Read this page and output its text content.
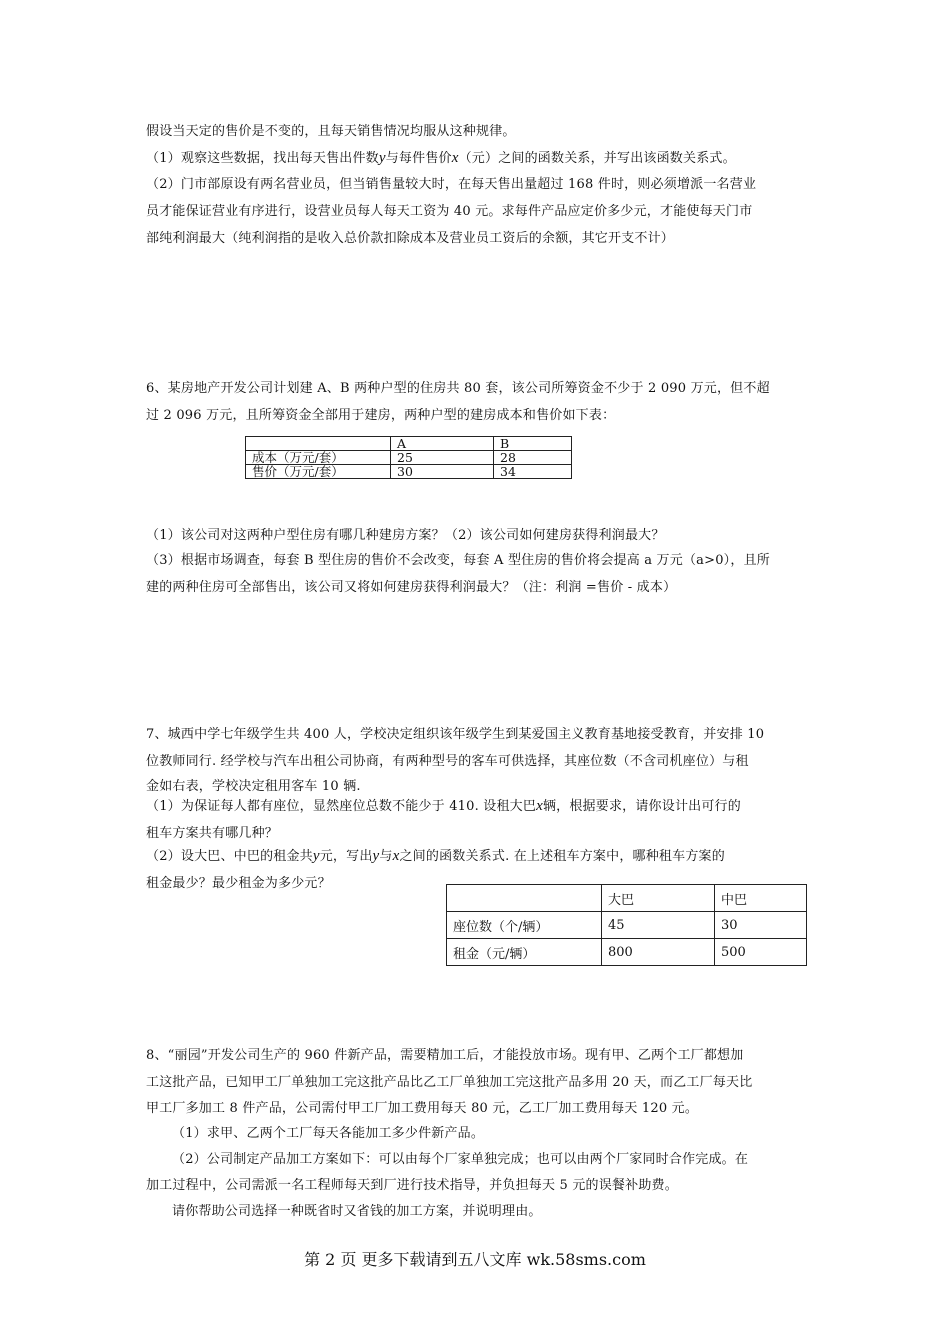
假设当天定的售价是不变的，且每天销售情况均服从这种规律。
（1）观察这些数据，找出每天售出件数y与每件售价x（元）之间的函数关系，并写出该函数关系式。
（2）门市部原设有两名营业员，但当销售量较大时，在每天售出量超过 168 件时，则必须增派一名营业
员才能保证营业有序进行，设营业员每人每天工资为 40 元。求每件产品应定价多少元，才能使每天门市
部纯利润最大（纯利润指的是收入总价款扣除成本及营业员工资后的余额，其它开支不计）
6、某房地产开发公司计划建 A、B 两种户型的住房共 80 套，该公司所筹资金不少于 2 090 万元，但不超
过 2 096 万元，且所筹资金全部用于建房，两种户型的建房成本和售价如下表：
	A	B
成本（万元/套）	25	28
售价（万元/套）	30	34
（1）该公司对这两种户型住房有哪几种建房方案？（2）该公司如何建房获得利润最大？
（3）根据市场调查，每套 B 型住房的售价不会改变，每套 A 型住房的售价将会提高 a 万元（a>0），且所
建的两种住房可全部售出，该公司又将如何建房获得利润最大？（注：利润 =售价 - 成本）
7、城西中学七年级学生共 400 人，学校决定组织该年级学生到某爱国主义教育基地接受教育，并安排 10
位教师同行. 经学校与汽车出租公司协商，有两种型号的客车可供选择，其座位数（不含司机座位）与租
金如右表，学校决定租用客车 10 辆.
（1）为保证每人都有座位，显然座位总数不能少于 410. 设租大巴x辆，根据要求，请你设计出可行的
租车方案共有哪几种？
（2）设大巴、中巴的租金共y元，写出y与x之间的函数关系式. 在上述租车方案中，哪种租车方案的
租金最少？最少租金为多少元？
	大巴	中巴
座位数（个/辆）	45	30
租金（元/辆）	800	500
8、“丽园”开发公司生产的 960 件新产品，需要精加工后，才能投放市场。现有甲、乙两个工厂都想加
工这批产品，已知甲工厂单独加工完这批产品比乙工厂单独加工完这批产品多用 20 天，而乙工厂每天比
甲工厂多加工 8 件产品，公司需付甲工厂加工费用每天 80 元，乙工厂加工费用每天 120 元。
（1）求甲、乙两个工厂每天各能加工多少件新产品。
（2）公司制定产品加工方案如下：可以由每个厂家单独完成；也可以由两个厂家同时合作完成。在
加工过程中，公司需派一名工程师每天到厂进行技术指导，并负担每天 5 元的误餐补助费。
请你帮助公司选择一种既省时又省钱的加工方案，并说明理由。
第 2 页 更多下载请到五八文库 wk.58sms.com
